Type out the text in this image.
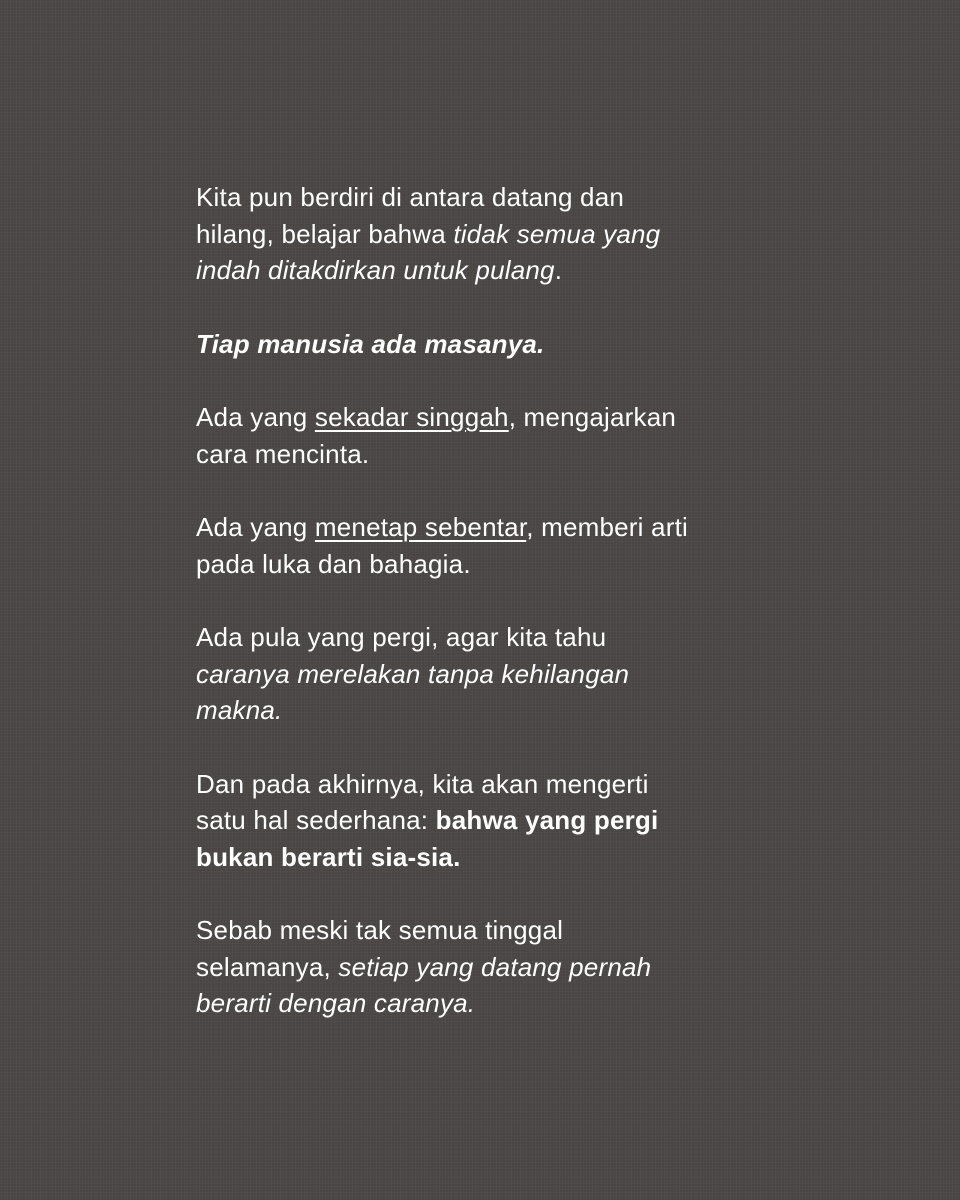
Kita pun berdiri di antara datang dan
hilang, belajar bahwa tidak semua yang
indah ditakdirkan untuk pulang.

Tiap manusia ada masanya.

Ada yang sekadar singgah, mengajarkan
cara mencinta.

Ada yang menetap sebentar, memberi arti
pada luka dan bahagia.

Ada pula yang pergi, agar kita tahu
caranya merelakan tanpa kehilangan
makna.

Dan pada akhirnya, kita akan mengerti
satu hal sederhana: bahwa yang pergi
bukan berarti sia-sia.

Sebab meski tak semua tinggal
selamanya, setiap yang datang pernah
berarti dengan caranya.
